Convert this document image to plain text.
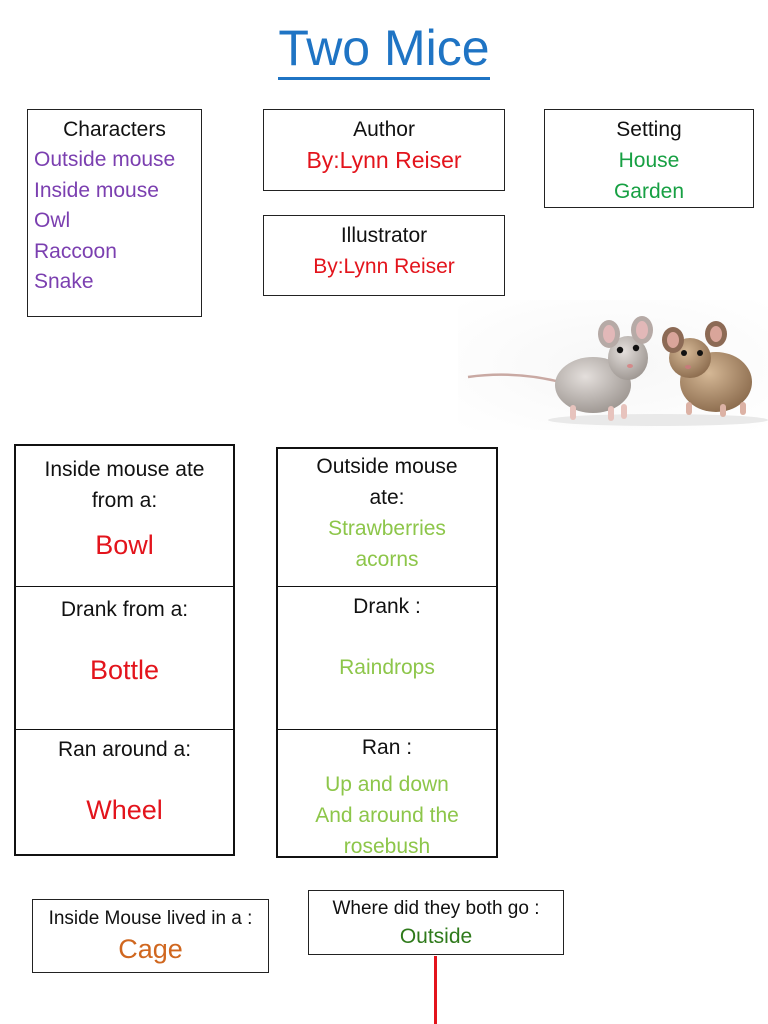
Two Mice
Characters
Outside mouse
Inside mouse
Owl
Raccoon
Snake
Author
By:Lynn Reiser
Illustrator
By:Lynn Reiser
Setting
House
Garden
Inside mouse ate from a:
Bowl
Drank from a:
Bottle
Ran around a:
Wheel
Outside mouse ate:
Strawberries
acorns
Drank :
Raindrops
Ran :
Up and down
And around the
rosebush
Inside Mouse lived in a :
Cage
Where did they both go :
Outside
